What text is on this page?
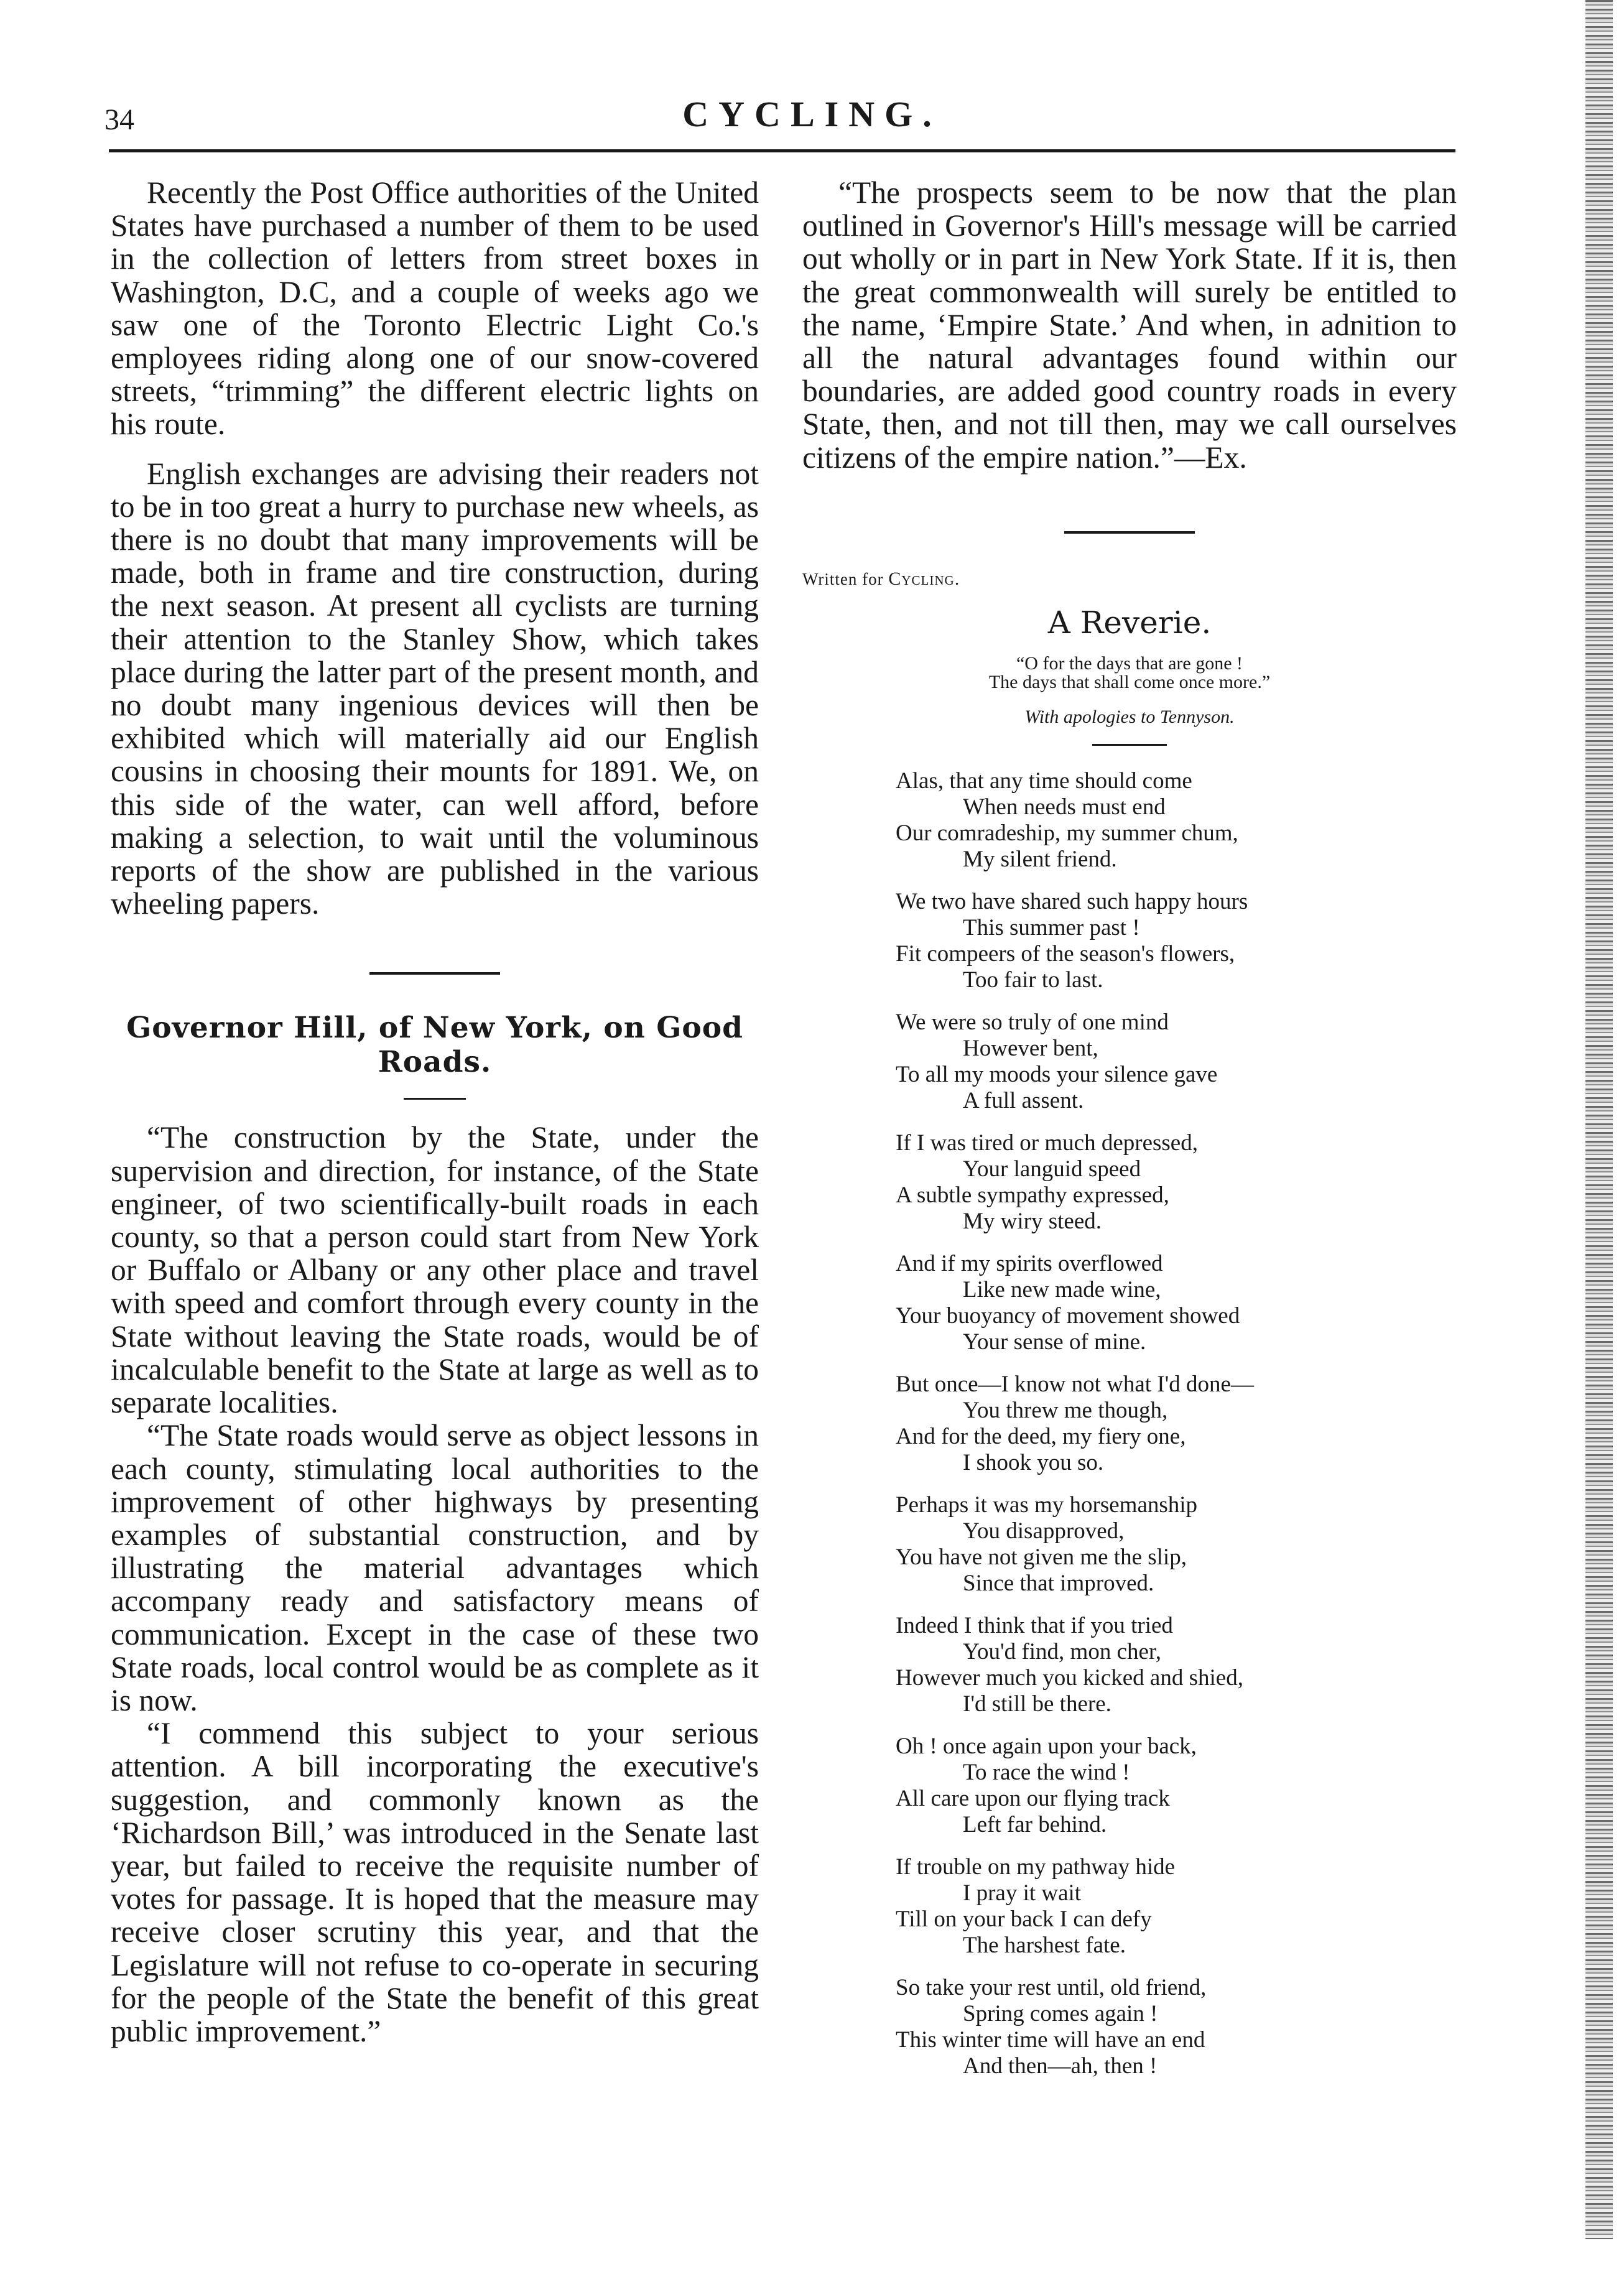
34	CYCLING.

Recently the Post Office authorities of the United States have purchased a number of them to be used in the collection of letters from street boxes in Washington, D.C, and a couple of weeks ago we saw one of the Toronto Electric Light Co.'s employees riding along one of our snow-covered streets, “trimming” the different electric lights on his route.

English exchanges are advising their readers not to be in too great a hurry to purchase new wheels, as there is no doubt that many improvements will be made, both in frame and tire construction, during the next season. At present all cyclists are turning their attention to the Stanley Show, which takes place during the latter part of the present month, and no doubt many ingenious devices will then be exhibited which will materially aid our English cousins in choosing their mounts for 1891. We, on this side of the water, can well afford, before making a selection, to wait until the voluminous reports of the show are published in the various wheeling papers.

Governor Hill, of New York, on Good Roads.

“The construction by the State, under the supervision and direction, for instance, of the State engineer, of two scientifically-built roads in each county, so that a person could start from New York or Buffalo or Albany or any other place and travel with speed and comfort through every county in the State without leaving the State roads, would be of incalculable benefit to the State at large as well as to separate localities.

“The State roads would serve as object lessons in each county, stimulating local authorities to the improvement of other highways by presenting examples of substantial construction, and by illustrating the material advantages which accompany ready and satisfactory means of communication. Except in the case of these two State roads, local control would be as complete as it is now.

“I commend this subject to your serious attention. A bill incorporating the executive's suggestion, and commonly known as the ‘Richardson Bill,’ was introduced in the Senate last year, but failed to receive the requisite number of votes for passage. It is hoped that the measure may receive closer scrutiny this year, and that the Legislature will not refuse to co-operate in securing for the people of the State the benefit of this great public improvement.”

“The prospects seem to be now that the plan outlined in Governor's Hill's message will be carried out wholly or in part in New York State. If it is, then the great commonwealth will surely be entitled to the name, ‘Empire State.’ And when, in adnition to all the natural advantages found within our boundaries, are added good country roads in every State, then, and not till then, may we call ourselves citizens of the empire nation.”—Ex.

Written for Cycling.

A Reverie.

“O for the days that are gone !
The days that shall come once more.”

With apologies to Tennyson.

Alas, that any time should come

When needs must end

Our comradeship, my summer chum,

My silent friend.

We two have shared such happy hours

This summer past !

Fit compeers of the season's flowers,

Too fair to last.

We were so truly of one mind

However bent,

To all my moods your silence gave

A full assent.

If I was tired or much depressed,

Your languid speed

A subtle sympathy expressed,

My wiry steed.

And if my spirits overflowed

Like new made wine,

Your buoyancy of movement showed

Your sense of mine.

But once—I know not what I'd done—

You threw me though,

And for the deed, my fiery one,

I shook you so.

Perhaps it was my horsemanship

You disapproved,

You have not given me the slip,

Since that improved.

Indeed I think that if you tried

You'd find, mon cher,

However much you kicked and shied,

I'd still be there.

Oh ! once again upon your back,

To race the wind !

All care upon our flying track

Left far behind.

If trouble on my pathway hide

I pray it wait

Till on your back I can defy

The harshest fate.

So take your rest until, old friend,

Spring comes again !

This winter time will have an end

And then—ah, then !
